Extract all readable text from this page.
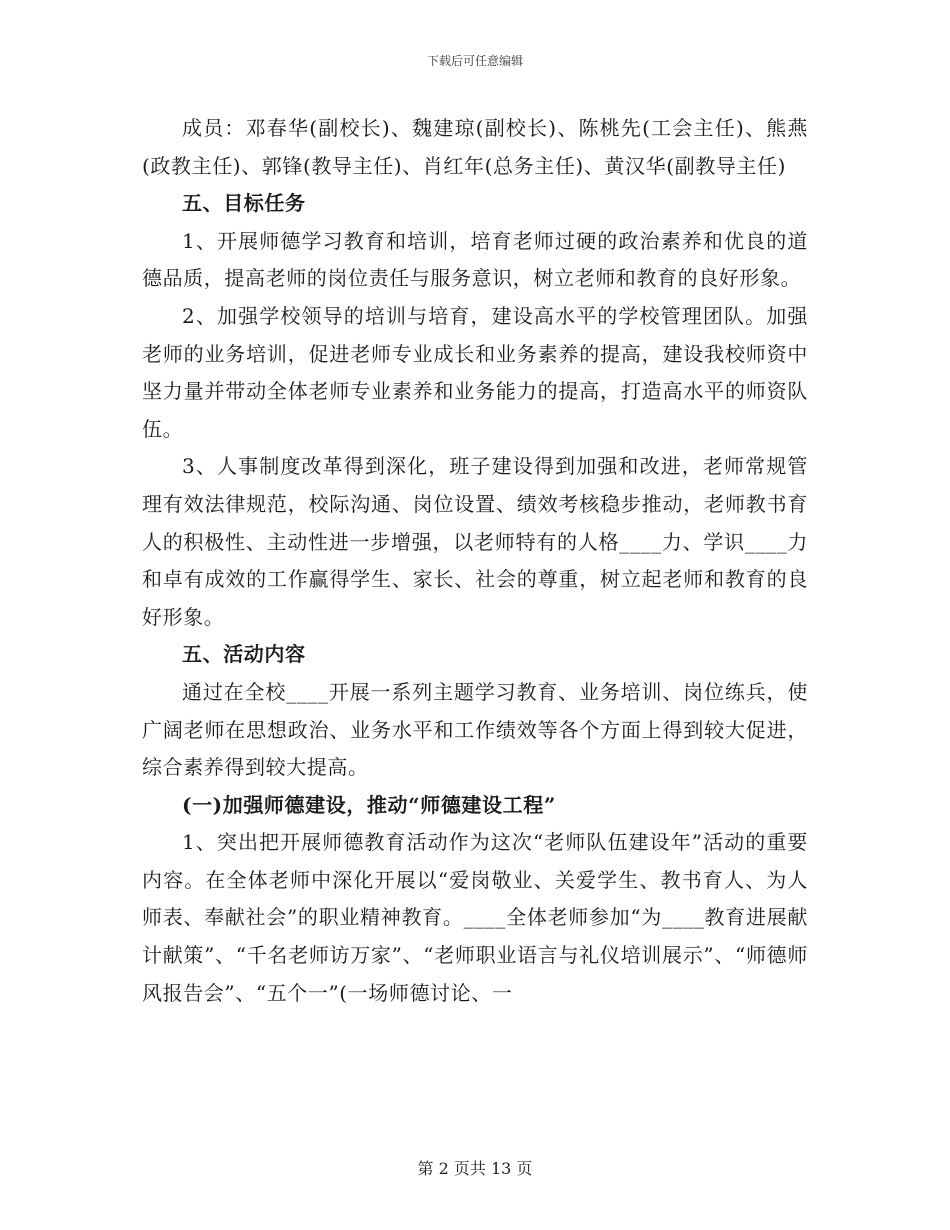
下载后可任意编辑

成员：邓春华(副校长)、魏建琼(副校长)、陈桃先(工会主任)、熊燕(政教主任)、郭锋(教导主任)、肖红年(总务主任)、黄汉华(副教导主任)

五、目标任务

1、开展师德学习教育和培训，培育老师过硬的政治素养和优良的道德品质，提高老师的岗位责任与服务意识，树立老师和教育的良好形象。

2、加强学校领导的培训与培育，建设高水平的学校管理团队。加强老师的业务培训，促进老师专业成长和业务素养的提高，建设我校师资中坚力量并带动全体老师专业素养和业务能力的提高，打造高水平的师资队伍。

3、人事制度改革得到深化，班子建设得到加强和改进，老师常规管理有效法律规范，校际沟通、岗位设置、绩效考核稳步推动，老师教书育人的积极性、主动性进一步增强，以老师特有的人格____力、学识____力和卓有成效的工作赢得学生、家长、社会的尊重，树立起老师和教育的良好形象。

五、活动内容

通过在全校____开展一系列主题学习教育、业务培训、岗位练兵，使广阔老师在思想政治、业务水平和工作绩效等各个方面上得到较大促进，综合素养得到较大提高。

(一)加强师德建设，推动“师德建设工程”

1、突出把开展师德教育活动作为这次“老师队伍建设年”活动的重要内容。在全体老师中深化开展以“爱岗敬业、关爱学生、教书育人、为人师表、奉献社会”的职业精神教育。____全体老师参加“为____教育进展献计献策”、“千名老师访万家”、“老师职业语言与礼仪培训展示”、“师德师风报告会”、“五个一”(一场师德讨论、一

第 2 页共 13 页
